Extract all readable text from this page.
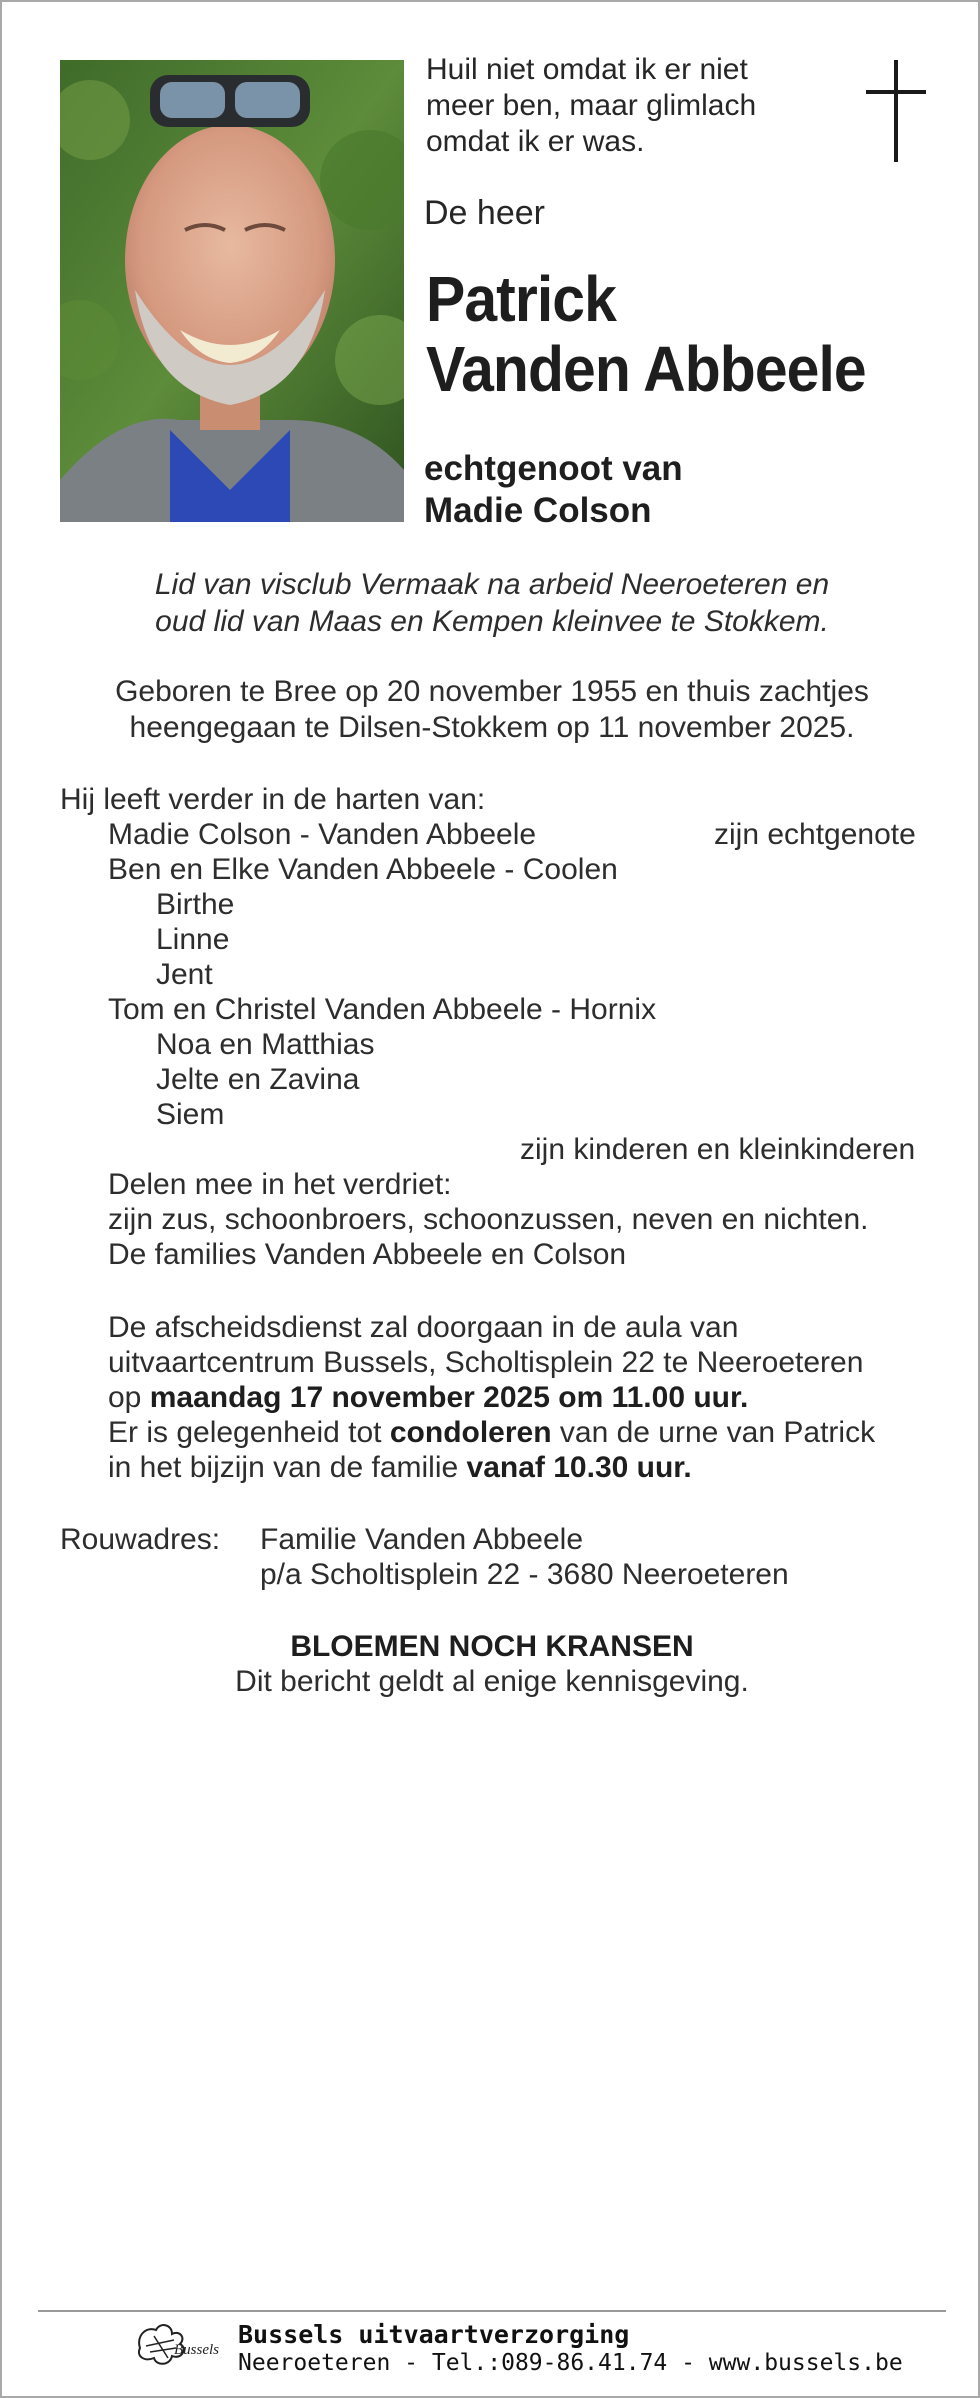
Huil niet omdat ik er niet
meer ben, maar glimlach
omdat ik er was.
De heer
Patrick
Vanden Abbeele
echtgenoot van
Madie Colson
Lid van visclub Vermaak na arbeid Neeroeteren en
oud lid van Maas en Kempen kleinvee te Stokkem.
Geboren te Bree op 20 november 1955 en thuis zachtjes
heengegaan te Dilsen-Stokkem op 11 november 2025.
Hij leeft verder in de harten van:
Madie Colson - Vanden Abbeele	zijn echtgenote
Ben en Elke Vanden Abbeele - Coolen
Birthe
Linne
Jent
Tom en Christel Vanden Abbeele - Hornix
Noa en Matthias
Jelte en Zavina
Siem
zijn kinderen en kleinkinderen
Delen mee in het verdriet:
zijn zus, schoonbroers, schoonzussen, neven en nichten.
De families Vanden Abbeele en Colson
De afscheidsdienst zal doorgaan in de aula van
uitvaartcentrum Bussels, Scholtisplein 22 te Neeroeteren
op maandag 17 november 2025 om 11.00 uur.
Er is gelegenheid tot condoleren van de urne van Patrick
in het bijzijn van de familie vanaf 10.30 uur.
Rouwadres: Familie Vanden Abbeele
p/a Scholtisplein 22 - 3680 Neeroeteren
BLOEMEN NOCH KRANSEN
Dit bericht geldt al enige kennisgeving.
Bussels
Bussels uitvaartverzorging
Neeroeteren - Tel.:089-86.41.74 - www.bussels.be
